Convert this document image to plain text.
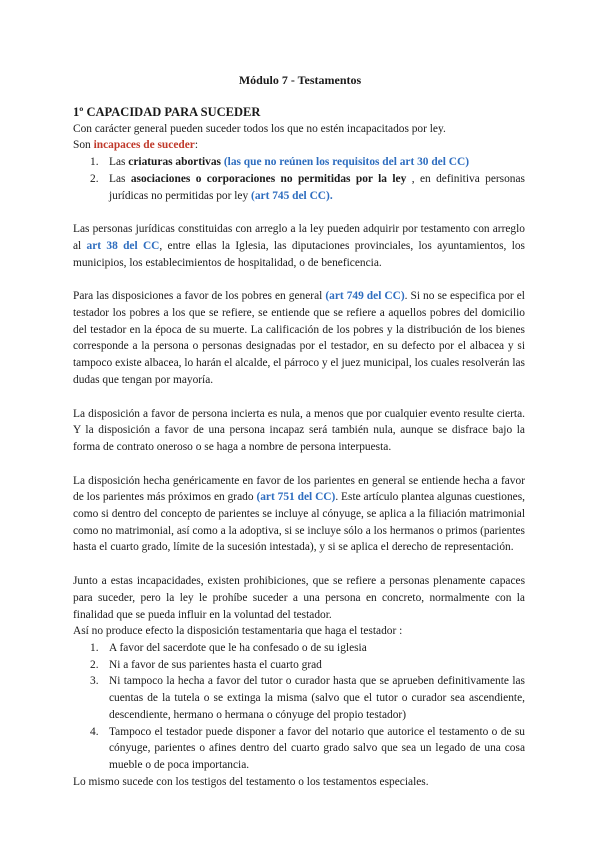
Módulo 7 - Testamentos
1º CAPACIDAD PARA SUCEDER

Con carácter general pueden suceder todos los que no estén incapacitados por ley.

Son incapaces de suceder:

1. Las criaturas abortivas (las que no reúnen los requisitos del art 30 del CC)
2. Las asociaciones o corporaciones no permitidas por la ley , en definitiva personas jurídicas no permitidas por ley (art 745 del CC).

Las personas jurídicas constituidas con arreglo a la ley pueden adquirir por testamento con arreglo al art 38 del CC, entre ellas la Iglesia, las diputaciones provinciales, los ayuntamientos, los municipios, los establecimientos de hospitalidad, o de beneficencia.

Para las disposiciones a favor de los pobres en general (art 749 del CC). Si no se especifica por el testador los pobres a los que se refiere, se entiende que se refiere a aquellos pobres del domicilio del testador en la época de su muerte. La calificación de los pobres y la distribución de los bienes corresponde a la persona o personas designadas por el testador, en su defecto por el albacea y si tampoco existe albacea, lo harán el alcalde, el párroco y el juez municipal, los cuales resolverán las dudas que tengan por mayoría.

La disposición a favor de persona incierta es nula, a menos que por cualquier evento resulte cierta. Y la disposición a favor de una persona incapaz será también nula, aunque se disfrace bajo la forma de contrato oneroso o se haga a nombre de persona interpuesta.

La disposición hecha genéricamente en favor de los parientes en general se entiende hecha a favor de los parientes más próximos en grado (art 751 del CC). Este artículo plantea algunas cuestiones, como si dentro del concepto de parientes se incluye al cónyuge, se aplica a la filiación matrimonial como no matrimonial, así como a la adoptiva, si se incluye sólo a los hermanos o primos (parientes hasta el cuarto grado, límite de la sucesión intestada), y si se aplica el derecho de representación.

Junto a estas incapacidades, existen prohibiciones, que se refiere a personas plenamente capaces para suceder, pero la ley le prohíbe suceder a una persona en concreto, normalmente con la finalidad que se pueda influir en la voluntad del testador.

Así no produce efecto la disposición testamentaria que haga el testador :

1. A favor del sacerdote que le ha confesado o de su iglesia
2. Ni a favor de sus parientes hasta el cuarto grad
3. Ni tampoco la hecha a favor del tutor o curador hasta que se aprueben definitivamente las cuentas de la tutela o se extinga la misma (salvo que el tutor o curador sea ascendiente, descendiente, hermano o hermana o cónyuge del propio testador)
4. Tampoco el testador puede disponer a favor del notario que autorice el testamento o de su cónyuge, parientes o afines dentro del cuarto grado salvo que sea un legado de una cosa mueble o de poca importancia.

Lo mismo sucede con los testigos del testamento o los testamentos especiales.
